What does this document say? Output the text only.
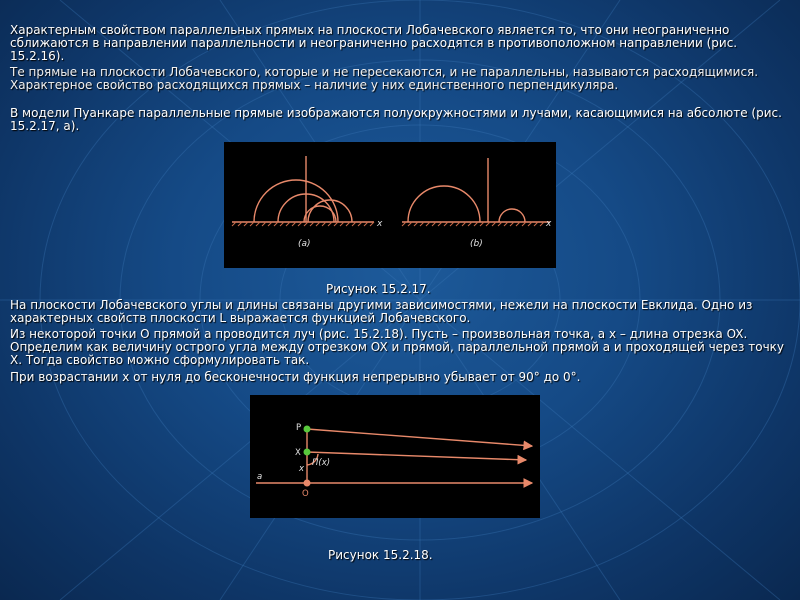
Характерным свойством параллельных прямых на плоскости Лобачевского является то, что они неограниченно сближаются в направлении параллельности и неограниченно расходятся в противоположном направлении (рис. 15.2.16).
Те прямые на плоскости Лобачевского, которые и не пересекаются, и не параллельны, называются расходящимися. Характерное свойство расходящихся прямых – наличие у них единственного перпендикуляра.
В модели Пуанкаре параллельные прямые изображаются полуокружностями и лучами, касающимися на абсолюте (рис. 15.2.17, а).
x	x
(a)	(b)
Рисунок 15.2.17.
На плоскости Лобачевского углы и длины связаны другими зависимостями, нежели на плоскости Евклида. Одно из характерных свойств плоскости L выражается функцией Лобачевского.
Из некоторой точки O прямой a проводится луч (рис. 15.2.18). Пусть – произвольная точка, а x – длина отрезка OX. Определим как величину острого угла между отрезком OX и прямой, параллельной прямой a и проходящей через точку X. Тогда свойство можно сформулировать так.
При возрастании x от нуля до бесконечности функция непрерывно убывает от 90° до 0°.
P
X
x
Π(x)
a
O
Рисунок 15.2.18.
